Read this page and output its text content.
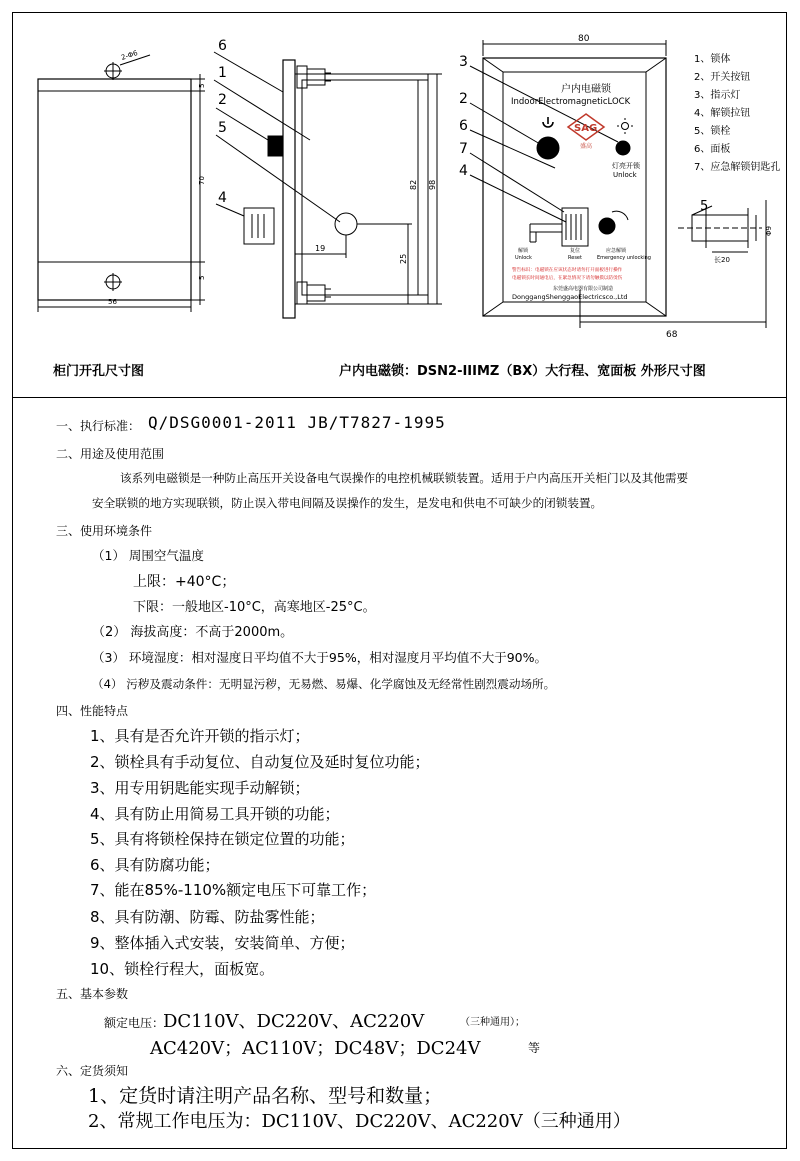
2-Φ6
5
70
5
56
6
1
2
5
4
19
25
82 98
80
68
3
2
6
7
4
户内电磁锁
IndoorElectromagneticLOCK
SAG
盛高
灯亮开锁
Unlock
解锁
Unlock
复位
Reset
应急解锁
Emergency unlocking
警告标识：电磁锁在应该状态时请勿打开面板进行操作
电磁锁长时间通电后，在紧急情况下请勿触摸以防烫伤
东莞盛高电器有限公司制造
DonggangShenggaoElectricsco.,Ltd
5
Φ9
长20
1、锁体
2、开关按钮
3、指示灯
4、解锁拉钮
5、锁栓
6、面板
7、应急解锁钥匙孔
柜门开孔尺寸图	户内电磁锁：DSN2-IIIMZ（BX）大行程、宽面板 外形尺寸图
一、执行标准： Q/DSG0001-2011 JB/T7827-1995
二、用途及使用范围
该系列电磁锁是一种防止高压开关设备电气误操作的电控机械联锁装置。适用于户内高压开关柜门以及其他需要
安全联锁的地方实现联锁，防止误入带电间隔及误操作的发生，是发电和供电不可缺少的闭锁装置。
三、使用环境条件
（1） 周围空气温度
上限：+40°C；
下限：一般地区-10°C，高寒地区-25°C。
（2） 海拔高度：不高于2000m。
（3） 环境湿度：相对湿度日平均值不大于95%，相对湿度月平均值不大于90%。
（4） 污秽及震动条件：无明显污秽，无易燃、易爆、化学腐蚀及无经常性剧烈震动场所。
四、性能特点
1、具有是否允许开锁的指示灯；
2、锁栓具有手动复位、自动复位及延时复位功能；
3、用专用钥匙能实现手动解锁；
4、具有防止用简易工具开锁的功能；
5、具有将锁栓保持在锁定位置的功能；
6、具有防腐功能；
7、能在85%-110%额定电压下可靠工作；
8、具有防潮、防霉、防盐雾性能；
9、整体插入式安装，安装简单、方便；
10、锁栓行程大，面板宽。
五、基本参数
额定电压：
DC110V、DC220V、AC220V	（三种通用）；
AC420V；AC110V；DC48V；DC24V	等
六、定货须知
1、定货时请注明产品名称、型号和数量；
2、常规工作电压为：DC110V、DC220V、AC220V（三种通用）
